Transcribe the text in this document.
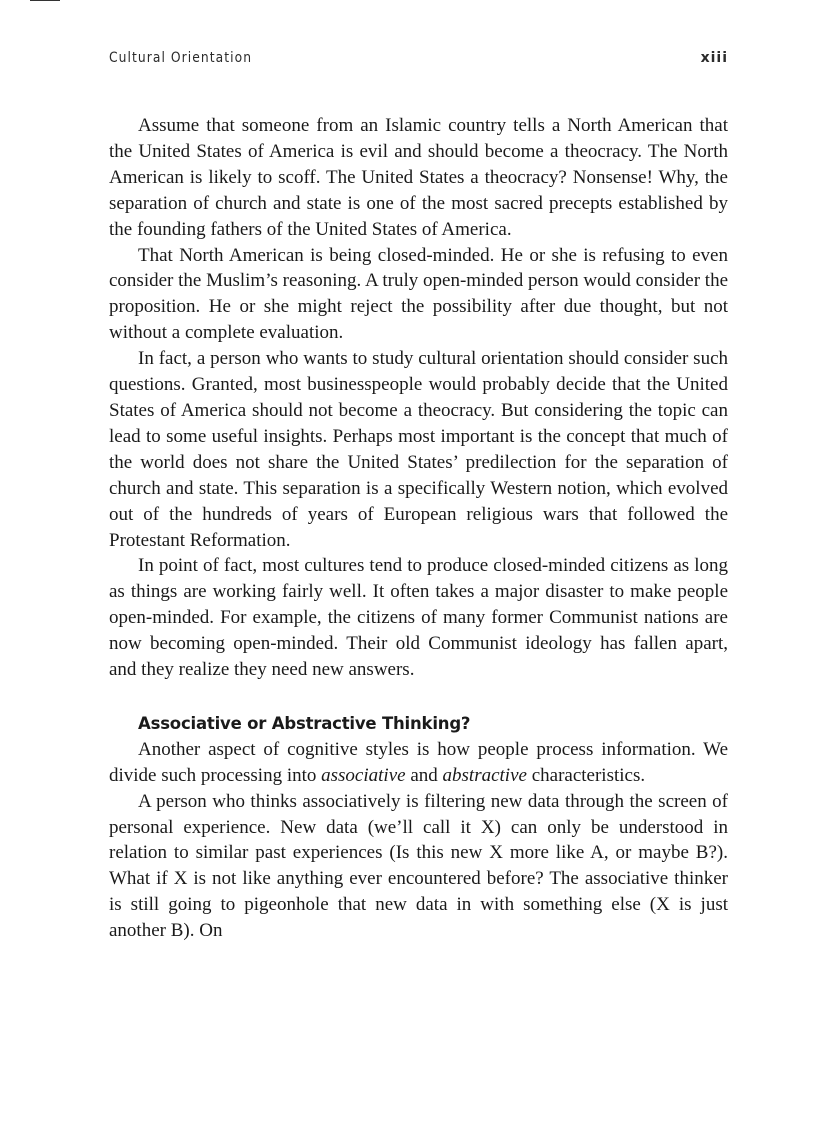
Cultural Orientation	xiii

Assume that someone from an Islamic country tells a North American that the United States of America is evil and should become a theocracy. The North American is likely to scoff. The United States a theocracy? Nonsense! Why, the separation of church and state is one of the most sacred precepts established by the founding fathers of the United States of America.

That North American is being closed-minded. He or she is refusing to even consider the Muslim’s reasoning. A truly open-minded person would consider the proposition. He or she might reject the possibility after due thought, but not without a complete evaluation.

In fact, a person who wants to study cultural orientation should consider such questions. Granted, most businesspeople would probably decide that the United States of America should not become a theocracy. But considering the topic can lead to some useful insights. Perhaps most important is the concept that much of the world does not share the United States’ predilection for the separation of church and state. This separation is a specifically Western notion, which evolved out of the hundreds of years of European religious wars that followed the Protestant Reformation.

In point of fact, most cultures tend to produce closed-minded citizens as long as things are working fairly well. It often takes a major disaster to make people open-minded. For example, the citizens of many former Communist nations are now becoming open-minded. Their old Communist ideology has fallen apart, and they realize they need new answers.

Associative or Abstractive Thinking?

Another aspect of cognitive styles is how people process information. We divide such processing into associative and abstractive characteristics.

A person who thinks associatively is filtering new data through the screen of personal experience. New data (we’ll call it X) can only be understood in relation to similar past experiences (Is this new X more like A, or maybe B?). What if X is not like anything ever encountered before? The associative thinker is still going to pigeonhole that new data in with something else (X is just another B). On
